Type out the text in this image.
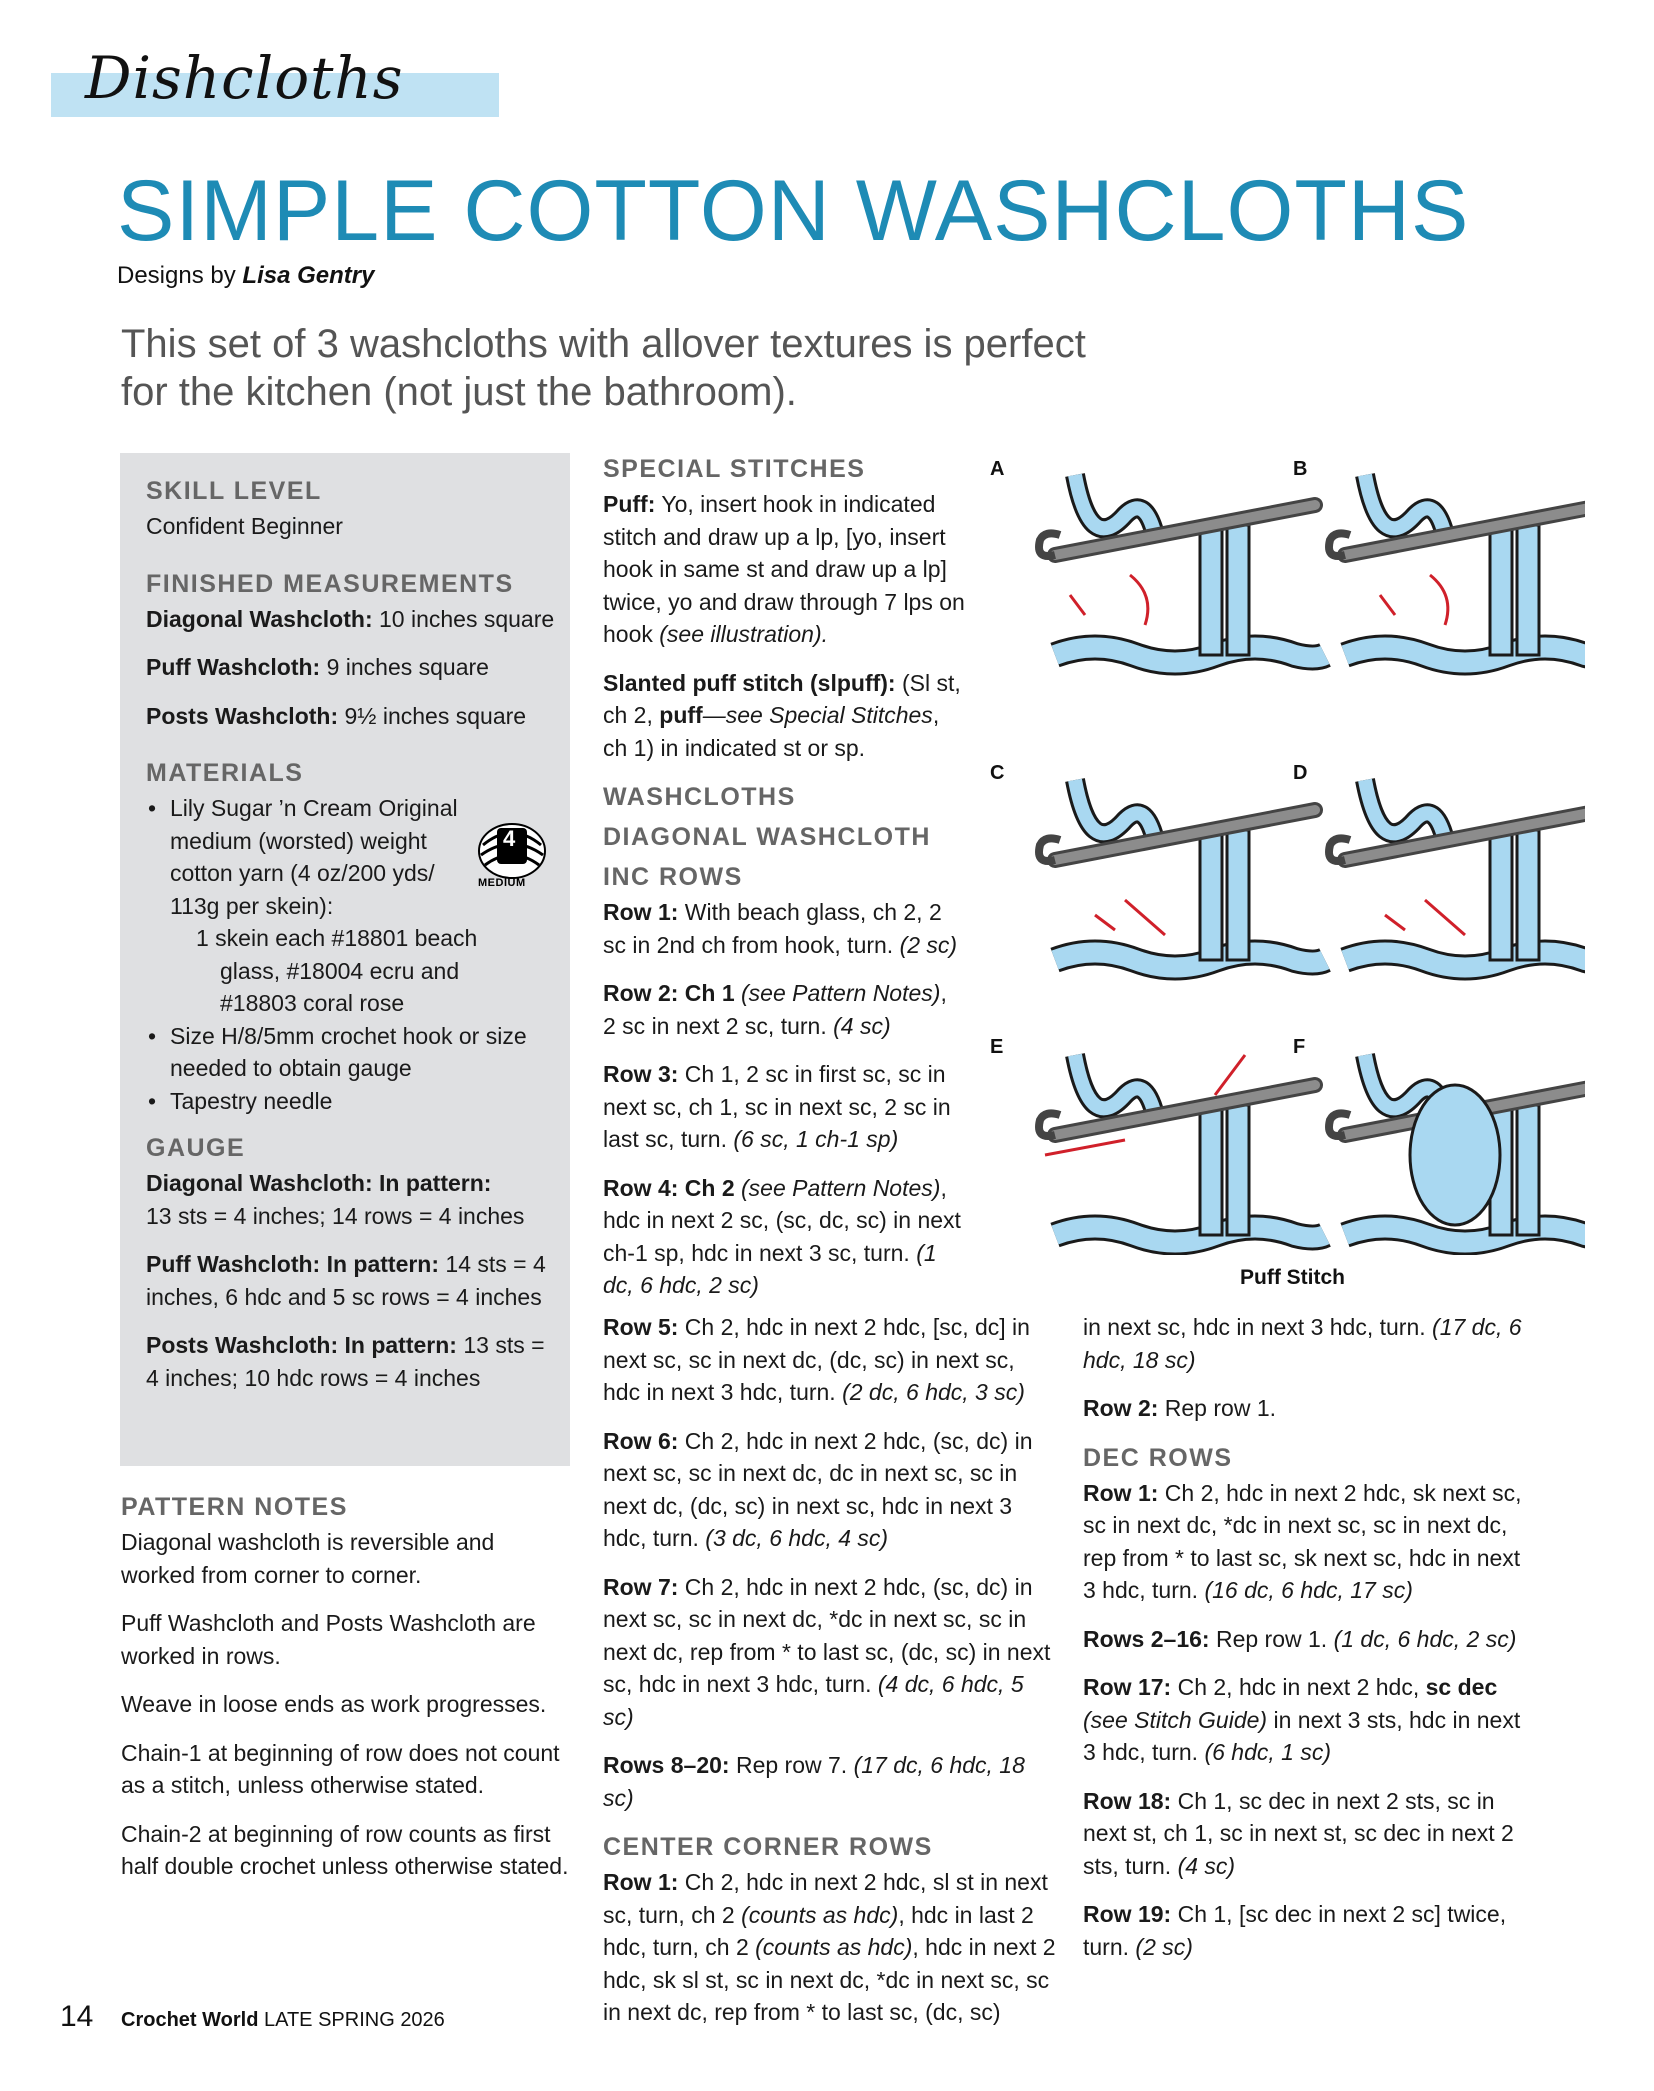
Dishcloths
SIMPLE COTTON WASHCLOTHS
Designs by Lisa Gentry
This set of 3 washcloths with allover textures is perfect
for the kitchen (not just the bathroom).
SKILL LEVEL

Confident Beginner

FINISHED MEASUREMENTS

Diagonal Washcloth: 10 inches square

Puff Washcloth: 9 inches square

Posts Washcloth: 9½ inches square

MATERIALS
• Lily Sugar ’n Cream Original
medium (worsted) weight
cotton yarn (4 oz/200 yds/
113g per skein):
1 skein each #18801 beach
glass, #18004 ecru and
#18803 coral rose
• Size H/8/5mm crochet hook or size needed to obtain gauge
• Tapestry needle
GAUGE

Diagonal Washcloth: In pattern:
13 sts = 4 inches; 14 rows = 4 inches

Puff Washcloth: In pattern: 14 sts = 4 inches, 6 hdc and 5 sc rows = 4 inches

Posts Washcloth: In pattern: 13 sts = 4 inches; 10 hdc rows = 4 inches

4
MEDIUM
PATTERN NOTES

Diagonal washcloth is reversible and worked from corner to corner.

Puff Washcloth and Posts Washcloth are worked in rows.

Weave in loose ends as work progresses.

Chain-1 at beginning of row does not count as a stitch, unless otherwise stated.

Chain-2 at beginning of row counts as first half double crochet unless otherwise stated.

SPECIAL STITCHES

Puff: Yo, insert hook in indicated stitch and draw up a lp, [yo, insert hook in same st and draw up a lp] twice, yo and draw through 7 lps on hook (see illustration).

Slanted puff stitch (slpuff): (Sl st, ch 2, puff—see Special Stitches, ch 1) in indicated st or sp.

WASHCLOTHS
DIAGONAL WASHCLOTH
INC ROWS

Row 1: With beach glass, ch 2, 2 sc in 2nd ch from hook, turn. (2 sc)

Row 2: Ch 1 (see Pattern Notes), 2 sc in next 2 sc, turn. (4 sc)

Row 3: Ch 1, 2 sc in first sc, sc in next sc, ch 1, sc in next sc, 2 sc in last sc, turn. (6 sc, 1 ch-1 sp)

Row 4: Ch 2 (see Pattern Notes), hdc in next 2 sc, (sc, dc, sc) in next ch-1 sp, hdc in next 3 sc, turn. (1 dc, 6 hdc, 2 sc)

Row 5: Ch 2, hdc in next 2 hdc, [sc, dc] in next sc, sc in next dc, (dc, sc) in next sc, hdc in next 3 hdc, turn. (2 dc, 6 hdc, 3 sc)

Row 6: Ch 2, hdc in next 2 hdc, (sc, dc) in next sc, sc in next dc, dc in next sc, sc in next dc, (dc, sc) in next sc, hdc in next 3 hdc, turn. (3 dc, 6 hdc, 4 sc)

Row 7: Ch 2, hdc in next 2 hdc, (sc, dc) in next sc, sc in next dc, *dc in next sc, sc in next dc, rep from * to last sc, (dc, sc) in next sc, hdc in next 3 hdc, turn. (4 dc, 6 hdc, 5 sc)

Rows 8–20: Rep row 7. (17 dc, 6 hdc, 18 sc)

CENTER CORNER ROWS

Row 1: Ch 2, hdc in next 2 hdc, sl st in next sc, turn, ch 2 (counts as hdc), hdc in last 2 hdc, turn, ch 2 (counts as hdc), hdc in next 2 hdc, sk sl st, sc in next dc, *dc in next sc, sc in next dc, rep from * to last sc, (dc, sc)

in next sc, hdc in next 3 hdc, turn. (17 dc, 6 hdc, 18 sc)

Row 2: Rep row 1.

DEC ROWS

Row 1: Ch 2, hdc in next 2 hdc, sk next sc, sc in next dc, *dc in next sc, sc in next dc, rep from * to last sc, sk next sc, hdc in next 3 hdc, turn. (16 dc, 6 hdc, 17 sc)

Rows 2–16: Rep row 1. (1 dc, 6 hdc, 2 sc)

Row 17: Ch 2, hdc in next 2 hdc, sc dec (see Stitch Guide) in next 3 sts, hdc in next 3 hdc, turn. (6 hdc, 1 sc)

Row 18: Ch 1, sc dec in next 2 sts, sc in next st, ch 1, sc in next st, sc dec in next 2 sts, turn. (4 sc)

Row 19: Ch 1, [sc dec in next 2 sc] twice, turn. (2 sc)

A	B
C	D
E	F
Puff Stitch
14 Crochet World LATE SPRING 2026
